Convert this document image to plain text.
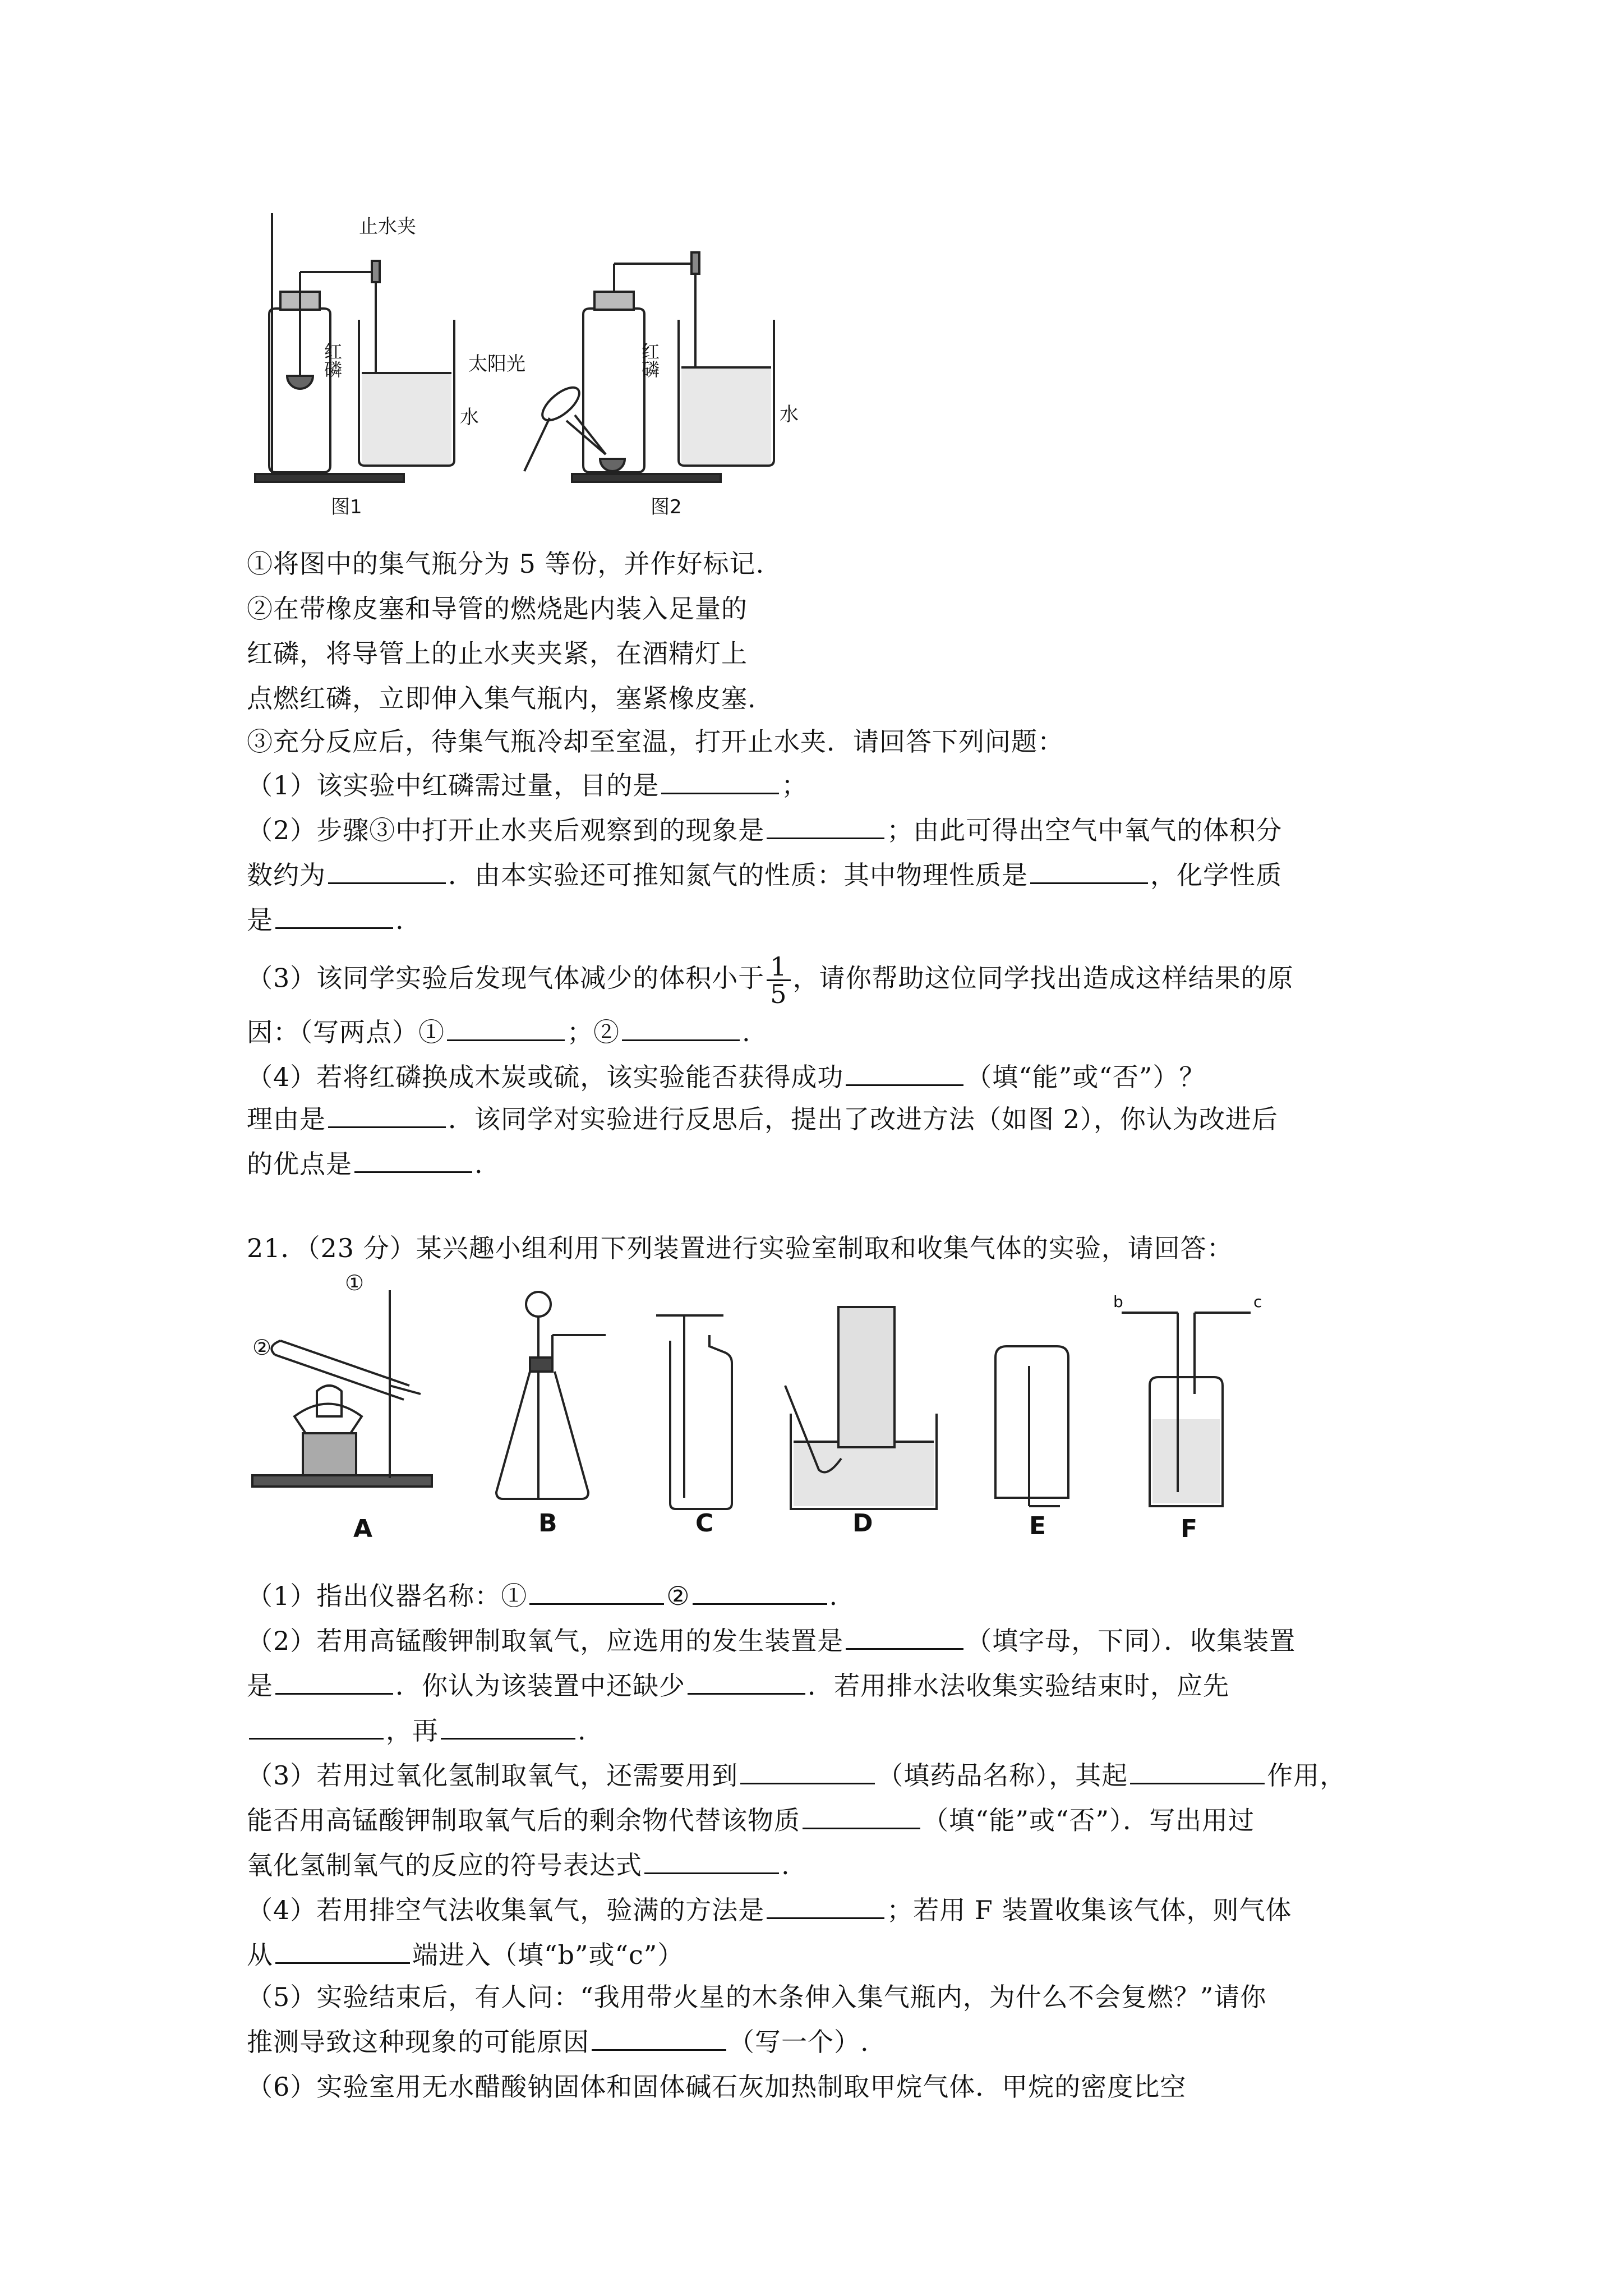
止水夹
红磷
水
太阳光	红磷
水
图1	图2
①将图中的集气瓶分为 5 等份，并作好标记.
②在带橡皮塞和导管的燃烧匙内装入足量的
红磷，将导管上的止水夹夹紧，在酒精灯上
点燃红磷，立即伸入集气瓶内，塞紧橡皮塞.
③充分反应后，待集气瓶冷却至室温，打开止水夹．请回答下列问题：
（1）该实验中红磷需过量，目的是	；
（2）步骤③中打开止水夹后观察到的现象是	；由此可得出空气中氧气的体积分
数约为	．由本实验还可推知氮气的性质：其中物理性质是	，化学性质
是	.
（3）该同学实验后发现气体减少的体积小于 $\frac{1}{5}$ ，请你帮助这位同学找出造成这样结果的原
因：（写两点）①	；②	.
（4）若将红磷换成木炭或硫，该实验能否获得成功	（填“能”或“否”）？
理由是	．该同学对实验进行反思后，提出了改进方法（如图 2），你认为改进后
的优点是	.
21．（23 分）某兴趣小组利用下列装置进行实验室制取和收集气体的实验，请回答：
①
②
b	c
A	B	C	D	E	F
（1）指出仪器名称：①	②	.
（2）若用高锰酸钾制取氧气，应选用的发生装置是	（填字母，下同）．收集装置
是	．你认为该装置中还缺少	．若用排水法收集实验结束时，应先
，再	.
（3）若用过氧化氢制取氧气，还需要用到	（填药品名称），其起	作用，
能否用高锰酸钾制取氧气后的剩余物代替该物质	（填“能”或“否”）．写出用过
氧化氢制氧气的反应的符号表达式	.
（4）若用排空气法收集氧气，验满的方法是	；若用 F 装置收集该气体，则气体
从	端进入（填“b”或“c”）
（5）实验结束后，有人问：“我用带火星的木条伸入集气瓶内，为什么不会复燃？”请你
推测导致这种现象的可能原因	（写一个）.
（6）实验室用无水醋酸钠固体和固体碱石灰加热制取甲烷气体．甲烷的密度比空
